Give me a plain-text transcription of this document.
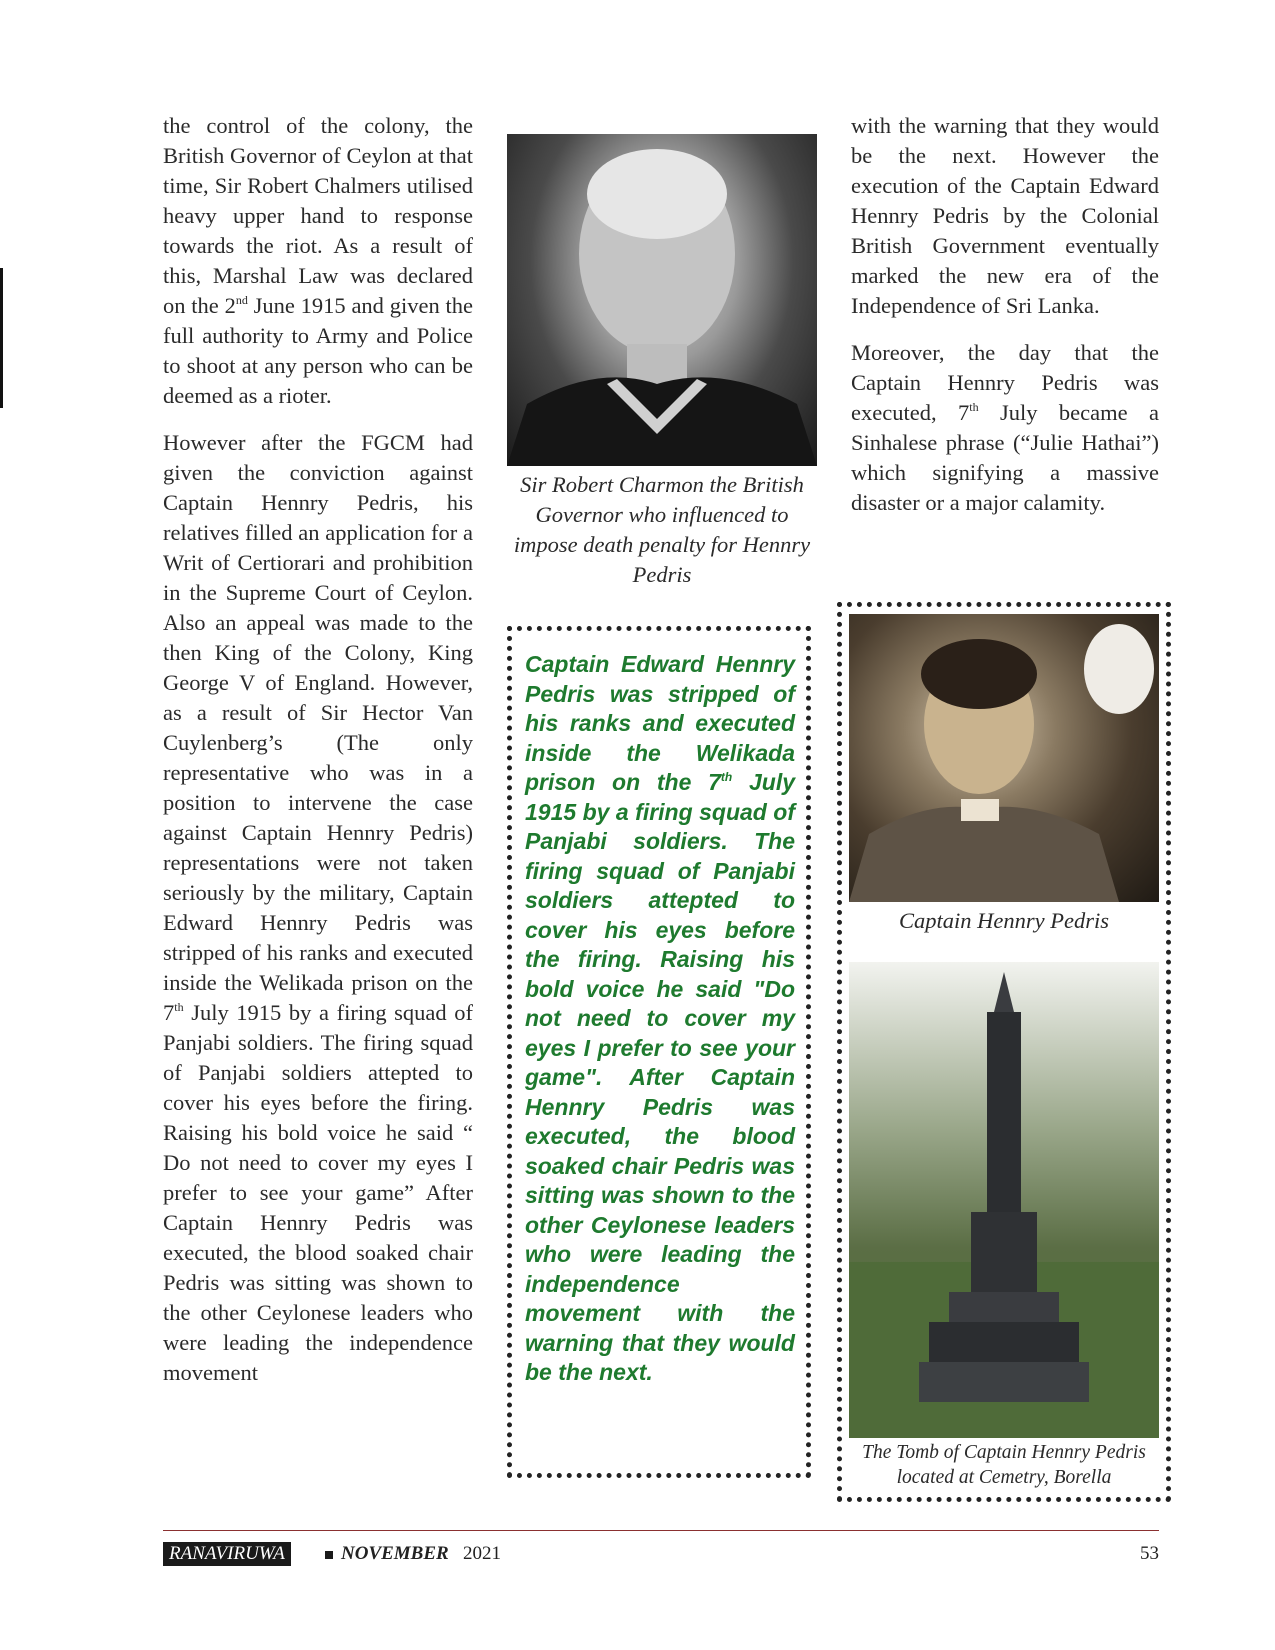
the control of the colony, the British Governor of Ceylon at that time, Sir Robert Chalmers utilised heavy upper hand to response towards the riot. As a result of this, Marshal Law was declared on the 2nd June 1915 and given the full authority to Army and Police to shoot at any person who can be deemed as a rioter.

However after the FGCM had given the conviction against Captain Hennry Pedris, his relatives filled an application for a Writ of Certiorari and prohibition in the Supreme Court of Ceylon. Also an appeal was made to the then King of the Colony, King George V of England. However, as a result of Sir Hector Van Cuylenberg’s (The only representative who was in a position to intervene the case against Captain Hennry Pedris) representations were not taken seriously by the military, Captain Edward Hennry Pedris was stripped of his ranks and executed inside the Welikada prison on the 7th July 1915 by a firing squad of Panjabi soldiers. The firing squad of Panjabi soldiers attepted to cover his eyes before the firing. Raising his bold voice he said “ Do not need to cover my eyes I prefer to see your game” After Captain Hennry Pedris was executed, the blood soaked chair Pedris was sitting was shown to the other Ceylonese leaders who were leading the independence movement

Sir Robert Charmon the British Governor who influenced to impose death penalty for Hennry Pedris

Captain Edward Hennry Pedris was stripped of his ranks and executed inside the Welikada prison on the 7th July 1915 by a firing squad of Panjabi soldiers. The firing squad of Panjabi soldiers attepted to cover his eyes before the firing. Raising his bold voice he said "Do not need to cover my eyes I prefer to see your game". After Captain Hennry Pedris was executed, the blood soaked chair Pedris was sitting was shown to the other Ceylonese leaders who were leading the independence movement with the warning that they would be the next.

with the warning that they would be the next. However the execution of the Captain Edward Hennry Pedris by the Colonial British Government eventually marked the new era of the Independence of Sri Lanka.

Moreover, the day that the Captain Hennry Pedris was executed, 7th July became a Sinhalese phrase (“Julie Hathai”) which signifying a massive disaster or a major calamity.

Captain Hennry Pedris
The Tomb of Captain Hennry Pedris located at Cemetry, Borella
RANAVIRUWA	NOVEMBER 2021	53
